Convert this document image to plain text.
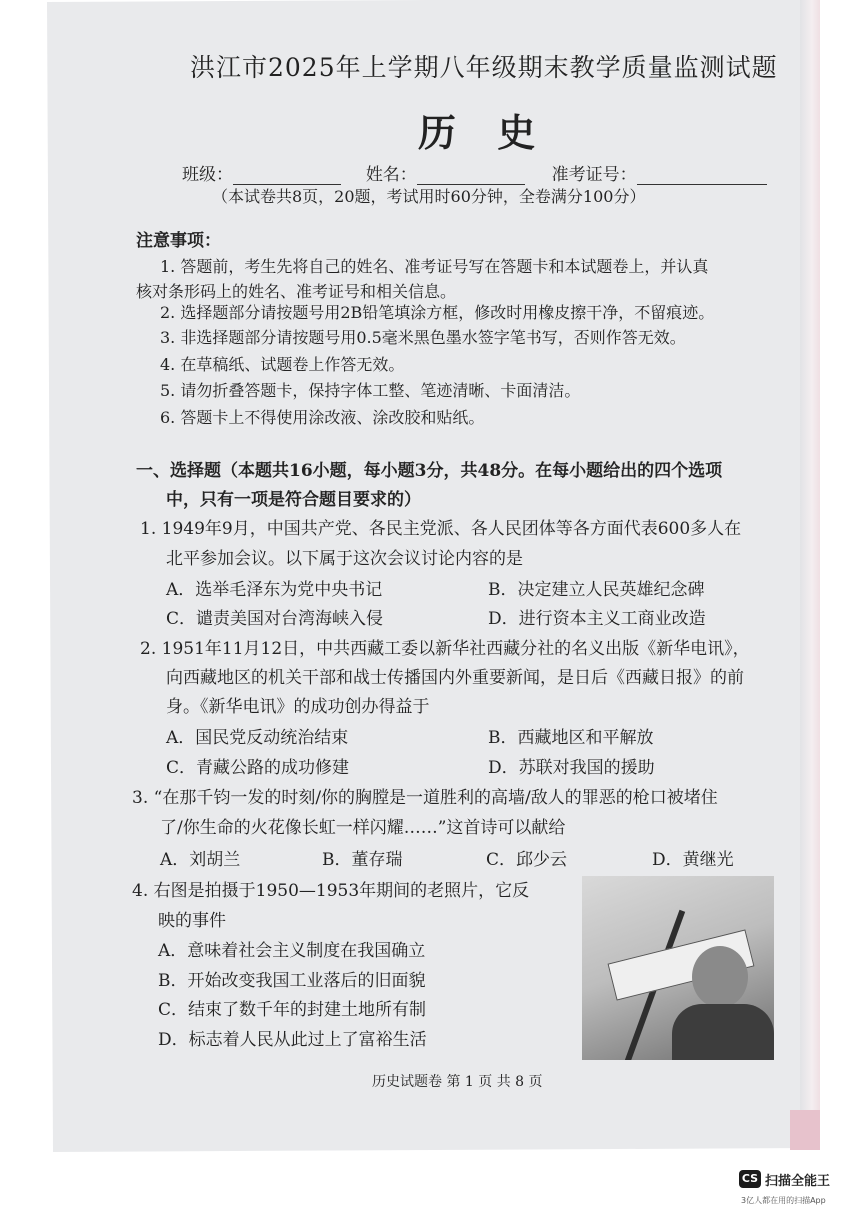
洪江市2025年上学期八年级期末教学质量监测试题
历 史
班级：	姓名：	准考证号：
（本试卷共8页，20题，考试用时60分钟，全卷满分100分）
注意事项：
1. 答题前，考生先将自己的姓名、准考证号写在答题卡和本试题卷上，并认真
核对条形码上的姓名、准考证号和相关信息。
2. 选择题部分请按题号用2B铅笔填涂方框，修改时用橡皮擦干净，不留痕迹。
3. 非选择题部分请按题号用0.5毫米黑色墨水签字笔书写，否则作答无效。
4. 在草稿纸、试题卷上作答无效。
5. 请勿折叠答题卡，保持字体工整、笔迹清晰、卡面清洁。
6. 答题卡上不得使用涂改液、涂改胶和贴纸。
一、选择题（本题共16小题，每小题3分，共48分。在每小题给出的四个选项
中，只有一项是符合题目要求的）
1. 1949年9月，中国共产党、各民主党派、各人民团体等各方面代表600多人在
北平参加会议。以下属于这次会议讨论内容的是
A．选举毛泽东为党中央书记	B．决定建立人民英雄纪念碑
C．谴责美国对台湾海峡入侵	D．进行资本主义工商业改造
2. 1951年11月12日，中共西藏工委以新华社西藏分社的名义出版《新华电讯》，
向西藏地区的机关干部和战士传播国内外重要新闻，是日后《西藏日报》的前
身。《新华电讯》的成功创办得益于
A．国民党反动统治结束	B．西藏地区和平解放
C．青藏公路的成功修建	D．苏联对我国的援助
3. “在那千钧一发的时刻/你的胸膛是一道胜利的高墙/敌人的罪恶的枪口被堵住
了/你生命的火花像长虹一样闪耀……”这首诗可以献给
A．刘胡兰	B．董存瑞	C．邱少云	D．黄继光
4. 右图是拍摄于1950—1953年期间的老照片，它反
映的事件
A．意味着社会主义制度在我国确立
B．开始改变我国工业落后的旧面貌
C．结束了数千年的封建土地所有制
D．标志着人民从此过上了富裕生活
历史试题卷 第 1 页 共 8 页
CS 扫描全能王
3亿人都在用的扫描App
